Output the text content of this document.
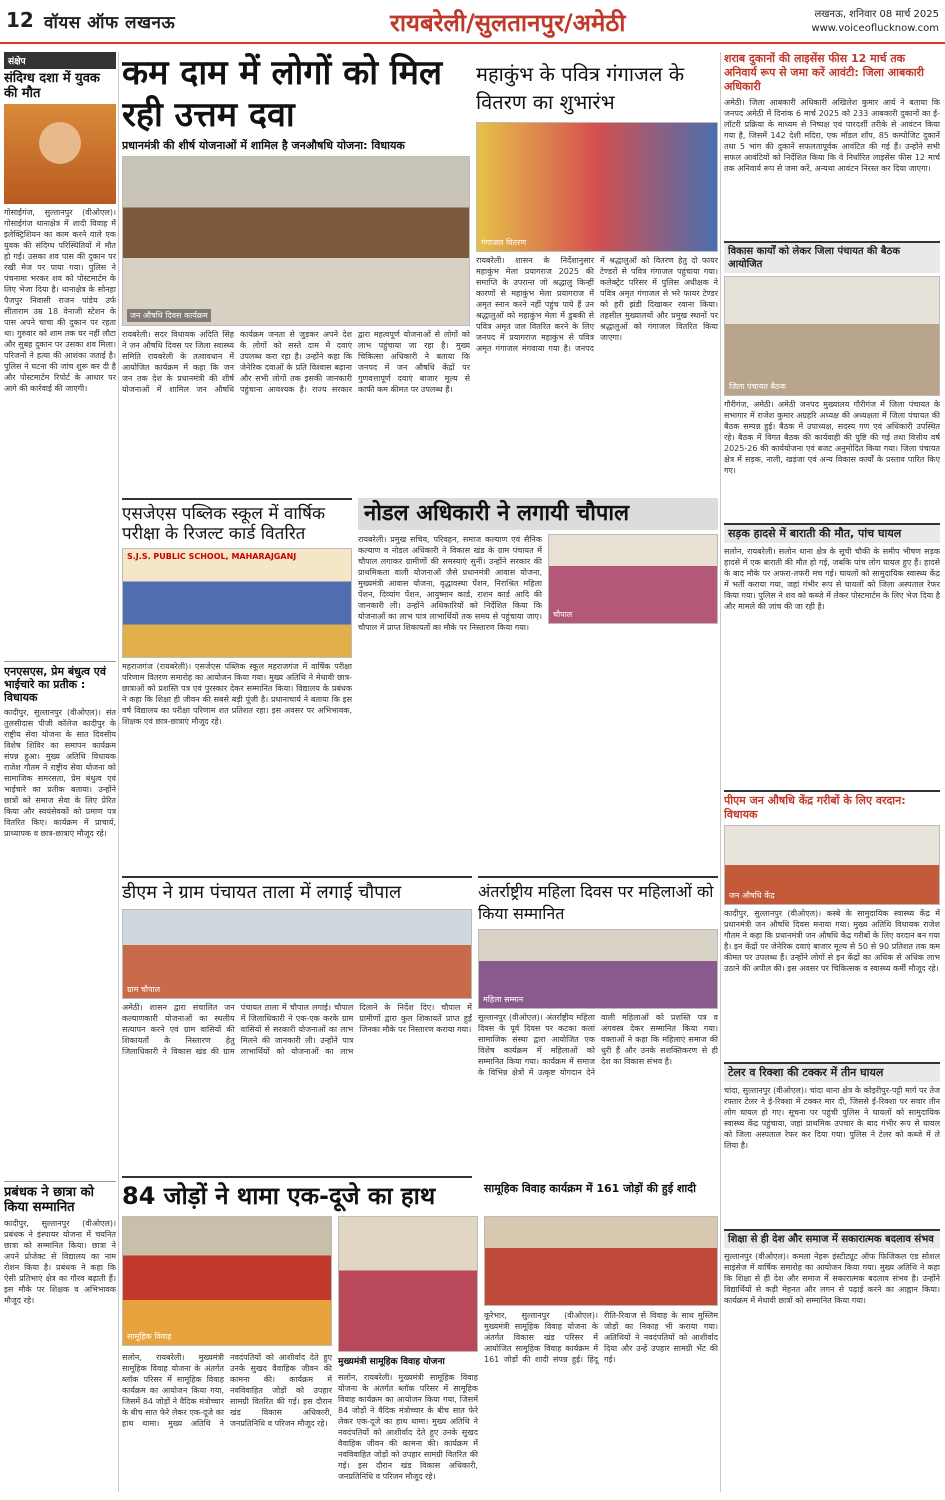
12 वॉयस ऑफ लखनऊ	रायबरेली/सुलतानपुर/अमेठी	लखनऊ, शनिवार 08 मार्च 2025
www.voiceoflucknow.com
संक्षेप
संदिग्ध दशा में युवक की मौत
गोसाईगंज, सुल्तानपुर (वीओएल)। गोसाईगंज थानाक्षेत्र में शादी विवाह में इलेक्ट्रिशियन का काम करने वाले एक युवक की संदिग्ध परिस्थितियों में मौत हो गई। उसका शव पास की दुकान पर रखी मेज पर पाया गया। पुलिस ने पंचनामा भरकर शव को पोस्टमार्टम के लिए भेजा दिया है। थानाक्षेत्र के सोनहा पैजपुर निवासी राजन पांडेय उर्फ सीताराम उम्र 18 वेनाजी स्टेशन के पास अपने चाचा की दुकान पर रहता था। गुरुवार को शाम तक घर नहीं लौटा और सुबह दुकान पर उसका शव मिला। परिजनों ने हत्या की आशंका जताई है। पुलिस ने घटना की जांच शुरू कर दी है और पोस्टमार्टम रिपोर्ट के आधार पर आगे की कार्रवाई की जाएगी।
एनएसएस, प्रेम बंधुत्व एवं भाईचारे का प्रतीक : विधायक
कादीपुर, सुल्तानपुर (वीओएल)। संत तुलसीदास पीजी कॉलेज कादीपुर के राष्ट्रीय सेवा योजना के सात दिवसीय विशेष शिविर का समापन कार्यक्रम संपन्न हुआ। मुख्य अतिथि विधायक राजेश गौतम ने राष्ट्रीय सेवा योजना को सामाजिक समरसता, प्रेम बंधुत्व एवं भाईचारे का प्रतीक बताया। उन्होंने छात्रों को समाज सेवा के लिए प्रेरित किया और स्वयंसेवकों को प्रमाण पत्र वितरित किए। कार्यक्रम में प्राचार्य, प्राध्यापक व छात्र-छात्राएं मौजूद रहे।
प्रबंधक ने छात्रा को किया सम्मानित
कादीपुर, सुल्तानपुर (वीओएल)। प्रबंधक ने इंस्पायर योजना में चयनित छात्रा को सम्मानित किया। छात्रा ने अपने प्रोजेक्ट से विद्यालय का नाम रोशन किया है। प्रबंधक ने कहा कि ऐसी प्रतिभाएं क्षेत्र का गौरव बढ़ाती हैं। इस मौके पर शिक्षक व अभिभावक मौजूद रहे।
कम दाम में लोगों को मिल रही उत्तम दवा
प्रधानमंत्री की शीर्ष योजनाओं में शामिल है जनऔषधि योजना: विधायक
जन औषधि दिवस कार्यक्रम
रायबरेली। सदर विधायक अदिति सिंह ने जन औषधि दिवस पर जिला स्वास्थ्य समिति रायबरेली के तत्वावधान में आयोजित कार्यक्रम में कहा कि जन जन तक देश के प्रधानमंत्री की शीर्ष योजनाओं में शामिल जन औषधि कार्यक्रम जनता से जुड़कर अपने देश के लोगों को सस्ते दाम में दवाएं उपलब्ध करा रहा है। उन्होंने कहा कि जेनेरिक दवाओं के प्रति विश्वास बढ़ाना और सभी लोगों तक इसकी जानकारी पहुंचाना आवश्यक है। राज्य सरकार द्वारा महत्वपूर्ण योजनाओं से लोगों को लाभ पहुंचाया जा रहा है। मुख्य चिकित्सा अधिकारी ने बताया कि जनपद में जन औषधि केंद्रों पर गुणवत्तापूर्ण दवाएं बाजार मूल्य से काफी कम कीमत पर उपलब्ध हैं।
महाकुंभ के पवित्र गंगाजल के वितरण का शुभारंभ
गंगाजल वितरण
रायबरेली। शासन के निर्देशानुसार महाकुंभ मेला प्रयागराज 2025 की समाप्ति के उपरान्त जो श्रद्धालु किन्हीं कारणों से महाकुंभ मेला प्रयागराज में अमृत स्नान करने नहीं पहुंच पाये हैं उन श्रद्धालुओं को महाकुंभ मेला में डुबकी से पवित्र अमृत जल वितरित करने के लिए जनपद में प्रयागराज महाकुंभ से पवित्र अमृत गंगाजल मंगवाया गया है। जनपद में श्रद्धालुओं को वितरण हेतु दो फायर टेण्डरों से पवित्र गंगाजल पहुंचाया गया। कलेक्ट्रेट परिसर में पुलिस अधीक्षक ने पवित्र अमृत गंगाजल से भरे फायर टेण्डर को हरी झंडी दिखाकर रवाना किया। तहसील मुख्यालयों और प्रमुख स्थानों पर श्रद्धालुओं को गंगाजल वितरित किया जाएगा।
शराब दुकानों की लाइसेंस फीस 12 मार्च तक अनिवार्य रूप से जमा करें आवंटी: जिला आबकारी अधिकारी
अमेठी। जिला आबकारी अधिकारी अखिलेश कुमार आर्य ने बताया कि जनपद अमेठी में दिनांक 6 मार्च 2025 को 233 आबकारी दुकानों का ई-लॉटरी प्रक्रिया के माध्यम से निष्पक्ष एवं पारदर्शी तरीके से आवंटन किया गया है, जिसमें 142 देशी मदिरा, एक मॉडल शॉप, 85 कम्पोजिट दुकानें तथा 5 भांग की दुकानें सफलतापूर्वक आवंटित की गई हैं। उन्होंने सभी सफल आवंटियों को निर्देशित किया कि वे निर्धारित लाइसेंस फीस 12 मार्च तक अनिवार्य रूप से जमा करें, अन्यथा आवंटन निरस्त कर दिया जाएगा।
विकास कार्यों को लेकर जिला पंचायत की बैठक आयोजित
जिला पंचायत बैठक
गौरीगंज, अमेठी। अमेठी जनपद मुख्यालय गौरीगंज में जिला पंचायत के सभागार में राजेश कुमार अग्रहरि अध्यक्ष की अध्यक्षता में जिला पंचायत की बैठक सम्पन्न हुई। बैठक में उपाध्यक्ष, सदस्य गण एवं अधिकारी उपस्थित रहे। बैठक में विगत बैठक की कार्यवाही की पुष्टि की गई तथा वित्तीय वर्ष 2025-26 की कार्ययोजना एवं बजट अनुमोदित किया गया। जिला पंचायत क्षेत्र में सड़क, नाली, खड़ंजा एवं अन्य विकास कार्यों के प्रस्ताव पारित किए गए।
सड़क हादसे में बाराती की मौत, पांच घायल
सलोन, रायबरेली। सलोन थाना क्षेत्र के सूची चौकी के समीप भीषण सड़क हादसे में एक बाराती की मौत हो गई, जबकि पांच लोग घायल हुए हैं। हादसे के बाद मौके पर अफरा-तफरी मच गई। घायलों को सामुदायिक स्वास्थ्य केंद्र में भर्ती कराया गया, जहां गंभीर रूप से घायलों को जिला अस्पताल रेफर किया गया। पुलिस ने शव को कब्जे में लेकर पोस्टमार्टम के लिए भेज दिया है और मामले की जांच की जा रही है।
पीएम जन औषधि केंद्र गरीबों के लिए वरदान: विधायक
जन औषधि केंद्र
कादीपुर, सुल्तानपुर (वीओएल)। कस्बे के सामुदायिक स्वास्थ्य केंद्र में प्रधानमंत्री जन औषधि दिवस मनाया गया। मुख्य अतिथि विधायक राजेश गौतम ने कहा कि प्रधानमंत्री जन औषधि केंद्र गरीबों के लिए वरदान बन गया है। इन केंद्रों पर जेनेरिक दवाएं बाजार मूल्य से 50 से 90 प्रतिशत तक कम कीमत पर उपलब्ध हैं। उन्होंने लोगों से इन केंद्रों का अधिक से अधिक लाभ उठाने की अपील की। इस अवसर पर चिकित्सक व स्वास्थ्य कर्मी मौजूद रहे।
टेलर व रिक्शा की टक्कर में तीन घायल
चांदा, सुल्तानपुर (वीओएल)। चांदा थाना क्षेत्र के कोइरीपुर-पट्टी मार्ग पर तेज रफ्तार टेलर ने ई-रिक्शा में टक्कर मार दी, जिससे ई-रिक्शा पर सवार तीन लोग घायल हो गए। सूचना पर पहुंची पुलिस ने घायलों को सामुदायिक स्वास्थ्य केंद्र पहुंचाया, जहां प्राथमिक उपचार के बाद गंभीर रूप से घायल को जिला अस्पताल रेफर कर दिया गया। पुलिस ने टेलर को कब्जे में ले लिया है।
शिक्षा से ही देश और समाज में सकारात्मक बदलाव संभव
सुल्तानपुर (वीओएल)। कमला नेहरू इंस्टीट्यूट ऑफ फिजिकल एंड सोशल साइंसेज में वार्षिक समारोह का आयोजन किया गया। मुख्य अतिथि ने कहा कि शिक्षा से ही देश और समाज में सकारात्मक बदलाव संभव है। उन्होंने विद्यार्थियों से कड़ी मेहनत और लगन से पढ़ाई करने का आह्वान किया। कार्यक्रम में मेधावी छात्रों को सम्मानित किया गया।
एसजेएस पब्लिक स्कूल में वार्षिक परीक्षा के रिजल्ट कार्ड वितरित
S.J.S. PUBLIC SCHOOL, MAHARAJGANJ
महराजगंज (रायबरेली)। एसजेएस पब्लिक स्कूल महराजगंज में वार्षिक परीक्षा परिणाम वितरण समारोह का आयोजन किया गया। मुख्य अतिथि ने मेधावी छात्र-छात्राओं को प्रशस्ति पत्र एवं पुरस्कार देकर सम्मानित किया। विद्यालय के प्रबंधक ने कहा कि शिक्षा ही जीवन की सबसे बड़ी पूंजी है। प्रधानाचार्य ने बताया कि इस वर्ष विद्यालय का परीक्षा परिणाम शत प्रतिशत रहा। इस अवसर पर अभिभावक, शिक्षक एवं छात्र-छात्राएं मौजूद रहे।
नोडल अधिकारी ने लगायी चौपाल
चौपाल
रायबरेली। प्रमुख सचिव, परिवहन, समाज कल्याण एवं सैनिक कल्याण व नोडल अधिकारी ने विकास खंड के ग्राम पंचायत में चौपाल लगाकर ग्रामीणों की समस्याएं सुनीं। उन्होंने सरकार की प्राथमिकता वाली योजनाओं जैसे प्रधानमंत्री आवास योजना, मुख्यमंत्री आवास योजना, वृद्धावस्था पेंशन, निराश्रित महिला पेंशन, दिव्यांग पेंशन, आयुष्मान कार्ड, राशन कार्ड आदि की जानकारी ली। उन्होंने अधिकारियों को निर्देशित किया कि योजनाओं का लाभ पात्र लाभार्थियों तक समय से पहुंचाया जाए। चौपाल में प्राप्त शिकायतों का मौके पर निस्तारण किया गया।
डीएम ने ग्राम पंचायत ताला में लगाई चौपाल
ग्राम चौपाल
अमेठी। शासन द्वारा संचालित जन कल्याणकारी योजनाओं का स्थलीय सत्यापन करने एवं ग्राम वासियों की शिकायतों के निस्तारण हेतु जिलाधिकारी ने विकास खंड की ग्राम पंचायत ताला में चौपाल लगाई। चौपाल में जिलाधिकारी ने एक-एक करके ग्राम वासियों से सरकारी योजनाओं का लाभ मिलने की जानकारी ली। उन्होंने पात्र लाभार्थियों को योजनाओं का लाभ दिलाने के निर्देश दिए। चौपाल में ग्रामीणों द्वारा कुल शिकायतें प्राप्त हुईं जिनका मौके पर निस्तारण कराया गया।
अंतर्राष्ट्रीय महिला दिवस पर महिलाओं को किया सम्मानित
महिला सम्मान
सुल्तानपुर (वीओएल)। अंतर्राष्ट्रीय महिला दिवस के पूर्व दिवस पर कटका कलां सामाजिक संस्था द्वारा आयोजित एक विशेष कार्यक्रम में महिलाओं को सम्मानित किया गया। कार्यक्रम में समाज के विभिन्न क्षेत्रों में उत्कृष्ट योगदान देने वाली महिलाओं को प्रशस्ति पत्र व अंगवस्त्र देकर सम्मानित किया गया। वक्ताओं ने कहा कि महिलाएं समाज की धुरी हैं और उनके सशक्तिकरण से ही देश का विकास संभव है।
84 जोड़ों ने थामा एक-दूजे का हाथ
सामूहिक विवाह
सलोन, रायबरेली। मुख्यमंत्री सामूहिक विवाह योजना के अंतर्गत ब्लॉक परिसर में सामूहिक विवाह कार्यक्रम का आयोजन किया गया, जिसमें 84 जोड़ों ने वैदिक मंत्रोच्चार के बीच सात फेरे लेकर एक-दूजे का हाथ थामा। मुख्य अतिथि ने नवदंपतियों को आशीर्वाद देते हुए उनके सुखद वैवाहिक जीवन की कामना की। कार्यक्रम में नवविवाहित जोड़ों को उपहार सामग्री वितरित की गई। इस दौरान खंड विकास अधिकारी, जनप्रतिनिधि व परिजन मौजूद रहे।
मुख्यमंत्री सामूहिक विवाह योजना
सलोन, रायबरेली। मुख्यमंत्री सामूहिक विवाह योजना के अंतर्गत ब्लॉक परिसर में सामूहिक विवाह कार्यक्रम का आयोजन किया गया, जिसमें 84 जोड़ों ने वैदिक मंत्रोच्चार के बीच सात फेरे लेकर एक-दूजे का हाथ थामा। मुख्य अतिथि ने नवदंपतियों को आशीर्वाद देते हुए उनके सुखद वैवाहिक जीवन की कामना की। कार्यक्रम में नवविवाहित जोड़ों को उपहार सामग्री वितरित की गई। इस दौरान खंड विकास अधिकारी, जनप्रतिनिधि व परिजन मौजूद रहे।
सामूहिक विवाह कार्यक्रम में 161 जोड़ों की हुई शादी
कूरेभार, सुल्तानपुर (वीओएल)। मुख्यमंत्री सामूहिक विवाह योजना के अंतर्गत विकास खंड परिसर में आयोजित सामूहिक विवाह कार्यक्रम में 161 जोड़ों की शादी संपन्न हुई। हिंदू रीति-रिवाज से विवाह के साथ मुस्लिम जोड़ों का निकाह भी कराया गया। अतिथियों ने नवदंपतियों को आशीर्वाद दिया और उन्हें उपहार सामग्री भेंट की गई।
